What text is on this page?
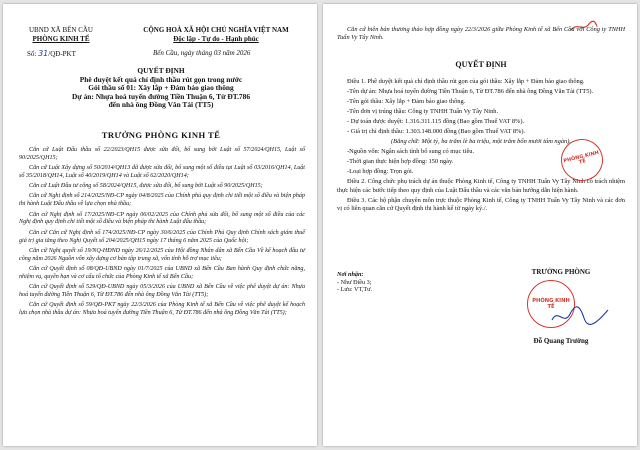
UBND XÃ BẾN CẦU
PHÒNG KINH TẾ
CỘNG HOÀ XÃ HỘI CHỦ NGHĨA VIỆT NAM
Độc lập - Tự do - Hạnh phúc
Số: 31/QĐ-PKT	Bến Cầu, ngày tháng 03 năm 2026
QUYẾT ĐỊNH
Phê duyệt kết quả chỉ định thầu rút gọn trong nước
Gói thầu số 01: Xây lắp + Đảm bảo giao thông
Dự án: Nhựa hoá tuyến đường Tiền Thuận 6, Từ ĐT.786
đến nhà ông Đồng Văn Tài (TT5)
TRƯỞNG PHÒNG KINH TẾ

Căn cứ Luật Đấu thầu số 22/2023/QH15 được sửa đổi, bổ sung bởi Luật số 57/2024/QH15, Luật số 90/2025/QH15;

Căn cứ Luật Xây dựng số 50/2014/QH13 đã được sửa đổi, bổ sung một số điều tại Luật số 03/2016/QH14, Luật số 35/2018/QH14, Luật số 40/2019/QH14 và Luật số 62/2020/QH14;

Căn cứ Luật Đầu tư công số 58/2024/QH15, được sửa đổi, bổ sung bởi Luật số 90/2025/QH15;

Căn cứ Nghị định số 214/2025/NĐ-CP ngày 04/8/2025 của Chính phủ quy định chi tiết một số điều và biện pháp thi hành Luật Đấu thầu về lựa chọn nhà thầu;

Căn cứ Nghị định số 17/2025/NĐ-CP ngày 06/02/2025 của Chính phủ sửa đổi, bổ sung một số điều của các Nghị định quy định chi tiết một số điều và biện pháp thi hành Luật đấu thầu;

Căn cứ Căn cứ Nghị định số 174/2025/NĐ-CP ngày 30/6/2025 của Chính Phủ Quy định Chính sách giảm thuế giá trị gia tăng theo Nghị Quyết số 204/2025/QH15 ngày 17 tháng 6 năm 2025 của Quốc hội;

Căn cứ Nghị quyết số 19/NQ-HĐND ngày 26/12/2025 của Hội đồng Nhân dân xã Bến Cầu Về kế hoạch đầu tư công năm 2026 Nguồn vốn xây dựng cơ bản tập trung xã, vốn tỉnh hỗ trợ mục tiêu;

Căn cứ Quyết định số 08/QĐ-UBND ngày 01/7/2025 của UBND xã Bến Cầu Ban hành Quy định chức năng, nhiệm vụ, quyền hạn và cơ cấu tổ chức của Phòng Kinh tế xã Bến Cầu;

Căn cứ Quyết định số 529/QĐ-UBND ngày 05/3/2026 của UBND xã Bến Cầu về việc phê duyệt dự án: Nhựa hoá tuyến đường Tiền Thuận 6, Từ ĐT.786 đến nhà ông Đồng Văn Tài (TT5);

Căn cứ Quyết định số 59/QĐ-PKT ngày 22/3/2026 của Phòng Kinh tế xã Bến Cầu về việc phê duyệt kế hoạch lựa chọn nhà thầu dự án: Nhựa hoá tuyến đường Tiền Thuận 6, Từ ĐT.786 đến nhà ông Đồng Văn Tài (TT5);

Căn cứ biên bản thương thảo hợp đồng ngày 22/3/2026 giữa Phòng Kinh tế xã Bến Cầu với Công ty TNHH Tuấn Vy Tây Ninh.

QUYẾT ĐỊNH

Điều 1. Phê duyệt kết quả chỉ định thầu rút gọn của gói thầu: Xây lắp + Đảm bảo giao thông.

-Tên dự án: Nhựa hoá tuyến đường Tiền Thuận 6, Từ ĐT.786 đến nhà ông Đồng Văn Tài (TT5).

-Tên gói thầu: Xây lắp + Đảm bảo giao thông.

-Tên đơn vị trúng thầu: Công ty TNHH Tuấn Vy Tây Ninh.

- Dự toán được duyệt: 1.316.311.115 đồng (Bao gồm Thuế VAT 8%).

- Giá trị chỉ định thầu: 1.303.148.000 đồng (Bao gồm Thuế VAT 8%).

(Bằng chữ: Một tỷ, ba trăm lẻ ba triệu, một trăm bốn mươi tám ngàn).

-Nguồn vốn: Ngân sách tỉnh bổ sung có mục tiêu.

-Thời gian thực hiện hợp đồng: 150 ngày.

-Loại hợp đồng: Trọn gói.

Điều 2. Công chức phụ trách dự án thuộc Phòng Kinh tế, Công ty TNHH Tuấn Vy Tây Ninh có trách nhiệm thực hiện các bước tiếp theo quy định của Luật Đấu thầu và các văn bản hướng dẫn hiện hành.

Điều 3. Các bộ phận chuyên môn trực thuộc Phòng Kinh tế, Công ty TNHH Tuấn Vy Tây Ninh và các đơn vị có liên quan căn cứ Quyết định thi hành kể từ ngày ký./.

PHÒNG KINH TẾ
Nơi nhận:
- Như Điều 3;
- Lưu: VT,Tư.
TRƯỞNG PHÒNG
PHÒNG KINH TẾ
Đỗ Quang Trường
